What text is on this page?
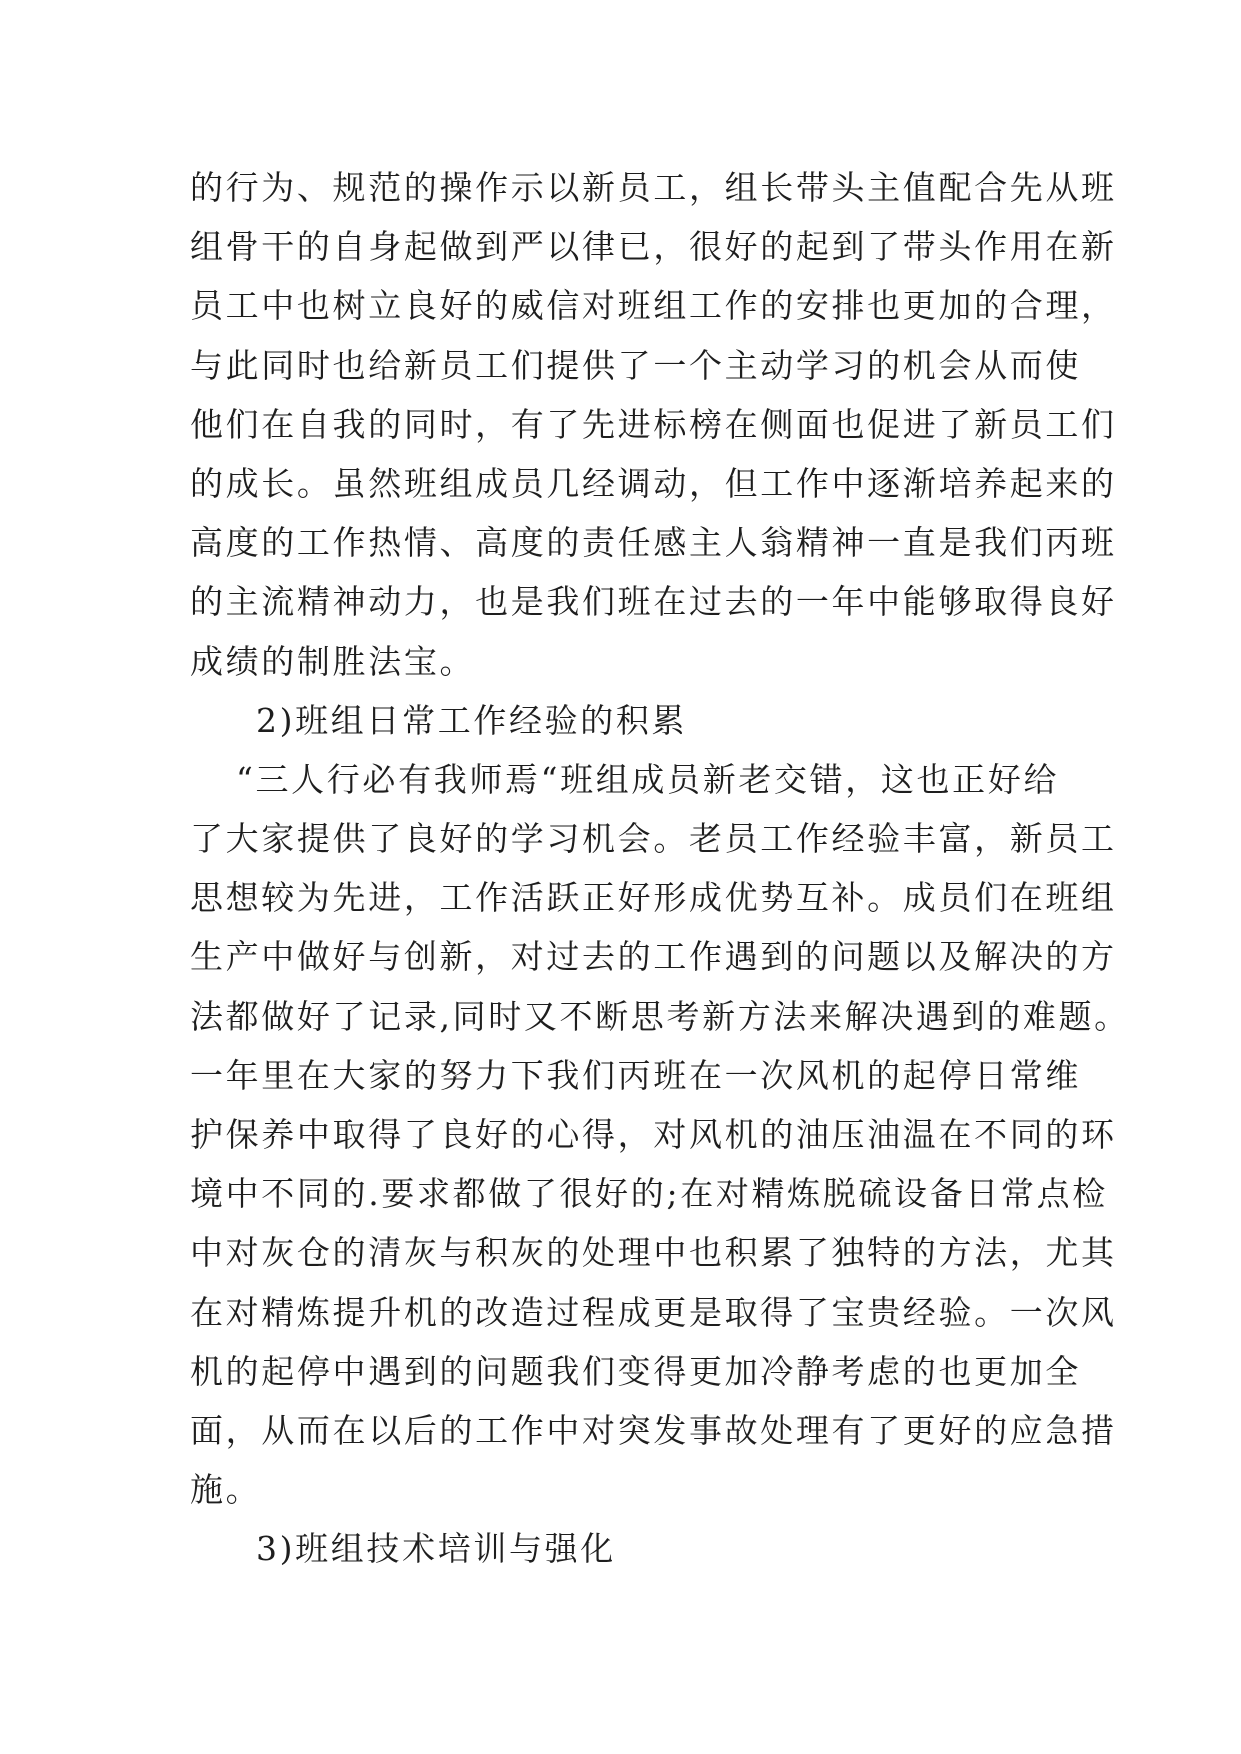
的行为、规范的操作示以新员工，组长带头主值配合先从班
组骨干的自身起做到严以律已，很好的起到了带头作用在新
员工中也树立良好的威信对班组工作的安排也更加的合理，
与此同时也给新员工们提供了一个主动学习的机会从而使
他们在自我的同时，有了先进标榜在侧面也促进了新员工们
的成长。虽然班组成员几经调动，但工作中逐渐培养起来的
高度的工作热情、高度的责任感主人翁精神一直是我们丙班
的主流精神动力，也是我们班在过去的一年中能够取得良好
成绩的制胜法宝。
2)班组日常工作经验的积累
“三人行必有我师焉“班组成员新老交错，这也正好给
了大家提供了良好的学习机会。老员工作经验丰富，新员工
思想较为先进，工作活跃正好形成优势互补。成员们在班组
生产中做好与创新，对过去的工作遇到的问题以及解决的方
法都做好了记录,同时又不断思考新方法来解决遇到的难题。
一年里在大家的努力下我们丙班在一次风机的起停日常维
护保养中取得了良好的心得，对风机的油压油温在不同的环
境中不同的.要求都做了很好的;在对精炼脱硫设备日常点检
中对灰仓的清灰与积灰的处理中也积累了独特的方法，尤其
在对精炼提升机的改造过程成更是取得了宝贵经验。一次风
机的起停中遇到的问题我们变得更加冷静考虑的也更加全
面，从而在以后的工作中对突发事故处理有了更好的应急措
施。
3)班组技术培训与强化
